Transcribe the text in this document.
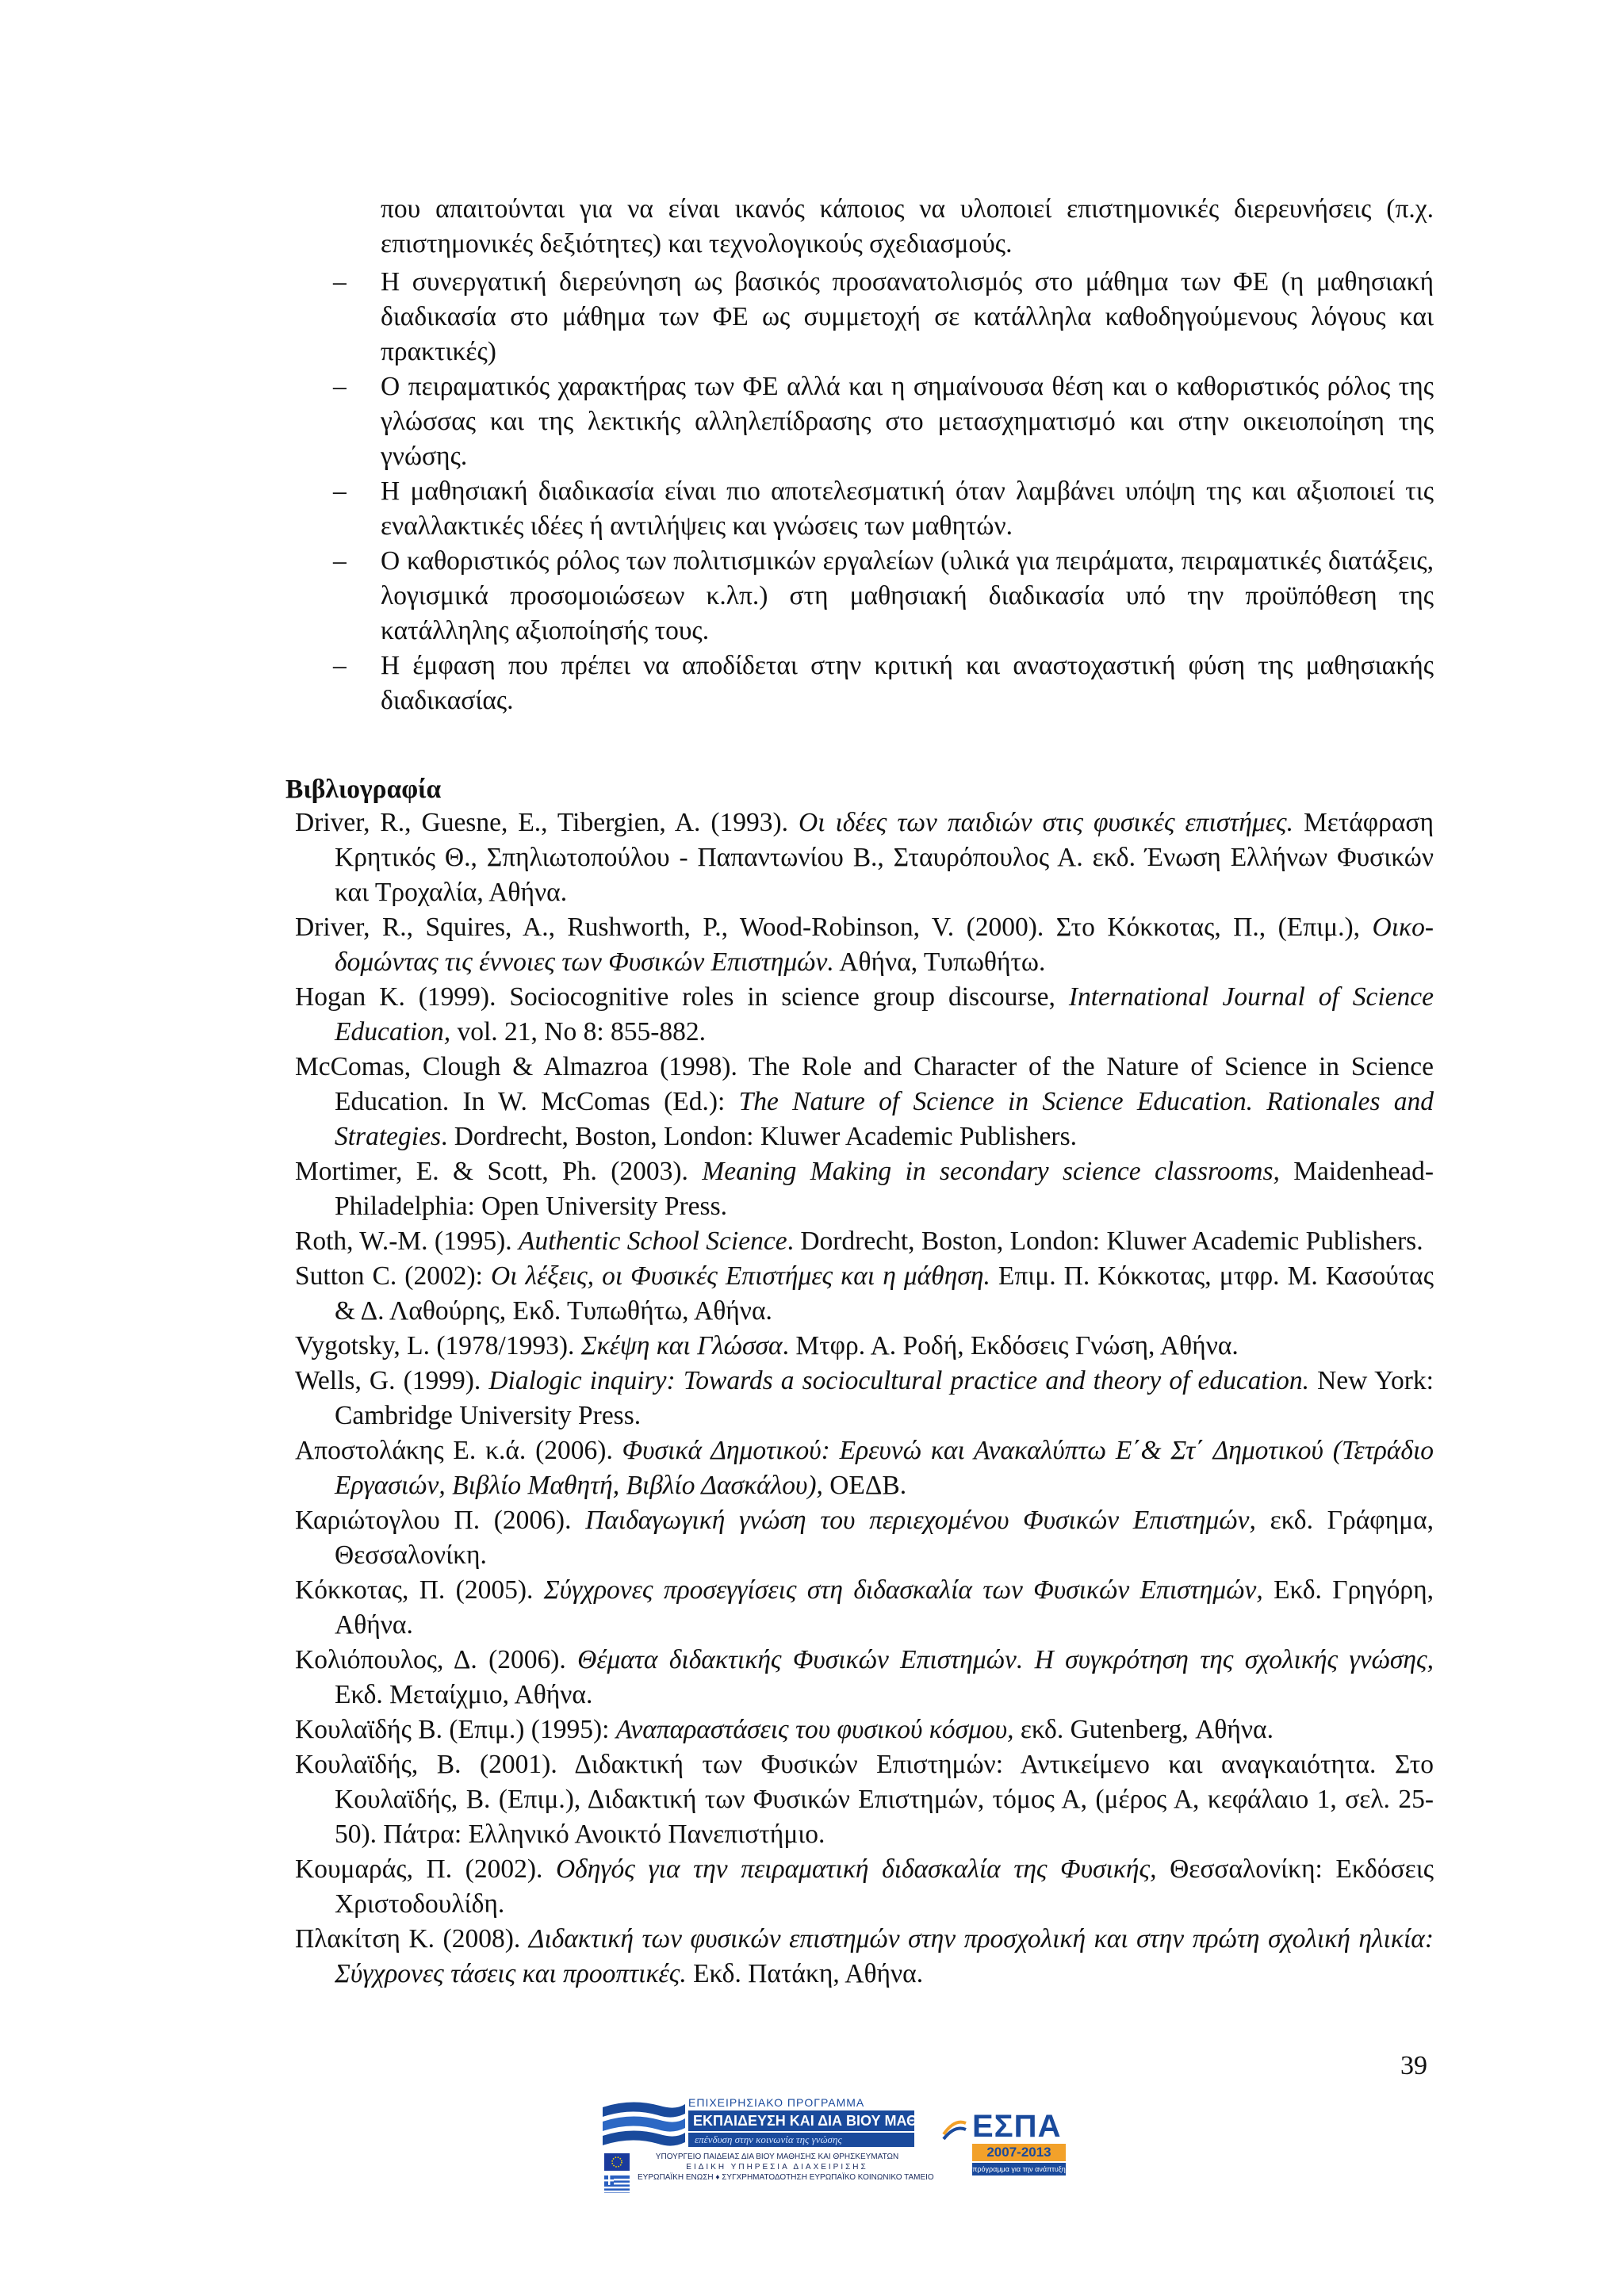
που απαιτούνται για να είναι ικανός κάποιος να υλοποιεί επιστημονικές διερευνήσεις (π.χ. επιστημονικές δεξιότητες) και τεχνολογικούς σχεδιασμούς.

– Η συνεργατική διερεύνηση ως βασικός προσανατολισμός στο μάθημα των ΦΕ (η μαθησιακή διαδικασία στο μάθημα των ΦΕ ως συμμετοχή σε κατάλληλα καθοδηγούμενους λόγους και πρακτικές)
– Ο πειραματικός χαρακτήρας των ΦΕ αλλά και η σημαίνουσα θέση και ο καθοριστικός ρόλος της γλώσσας και της λεκτικής αλληλεπίδρασης στο μετασχηματισμό και στην οικειοποίηση της γνώσης.
– Η μαθησιακή διαδικασία είναι πιο αποτελεσματική όταν λαμβάνει υπόψη της και αξιοποιεί τις εναλλακτικές ιδέες ή αντιλήψεις και γνώσεις των μαθητών.
– Ο καθοριστικός ρόλος των πολιτισμικών εργαλείων (υλικά για πειράματα, πειραματικές διατάξεις, λογισμικά προσομοιώσεων κ.λπ.) στη μαθησιακή διαδικασία υπό την προϋπόθεση της κατάλληλης αξιοποίησής τους.
– Η έμφαση που πρέπει να αποδίδεται στην κριτική και αναστοχαστική φύση της μαθησιακής διαδικασίας.
Βιβλιογραφία
Driver, R., Guesne, E., Tibergien, A. (1993). Οι ιδέες των παιδιών στις φυσικές επιστήμες. Μετάφραση Κρητικός Θ., Σπηλιωτοπούλου - Παπαντωνίου Β., Σταυρόπουλος Α. εκδ. Ένωση Ελλήνων Φυσικών και Τροχαλία, Αθήνα.
Driver, R., Squires, A., Rushworth, P., Wood-Robinson, V. (2000). Στο Κόκκοτας, Π., (Επιμ.), Οικο-δομώντας τις έννοιες των Φυσικών Επιστημών. Αθήνα, Τυπωθήτω.
Hogan K. (1999). Sociocognitive roles in science group discourse, International Journal of Science Education, vol. 21, No 8: 855-882.
McComas, Clough & Almazroa (1998). The Role and Character of the Nature of Science in Science Education. In W. McComas (Ed.): The Nature of Science in Science Education. Rationales and Strategies. Dordrecht, Boston, London: Kluwer Academic Publishers.
Mortimer, E. & Scott, Ph. (2003). Meaning Making in secondary science classrooms, Maidenhead-Philadelphia: Open University Press.
Roth, W.-M. (1995). Authentic School Science. Dordrecht, Boston, London: Kluwer Academic Publishers.
Sutton C. (2002): Οι λέξεις, οι Φυσικές Επιστήμες και η μάθηση. Επιμ. Π. Κόκκοτας, μτφρ. Μ. Κασούτας & Δ. Λαθούρης, Εκδ. Τυπωθήτω, Αθήνα.
Vygotsky, L. (1978/1993). Σκέψη και Γλώσσα. Μτφρ. Α. Ροδή, Εκδόσεις Γνώση, Αθήνα.
Wells, G. (1999). Dialogic inquiry: Towards a sociocultural practice and theory of education. New York: Cambridge University Press.
Αποστολάκης Ε. κ.ά. (2006). Φυσικά Δημοτικού: Ερευνώ και Ανακαλύπτω Ε΄& Στ΄ Δημοτικού (Τετράδιο Εργασιών, Βιβλίο Μαθητή, Βιβλίο Δασκάλου), ΟΕΔΒ.
Καριώτογλου Π. (2006). Παιδαγωγική γνώση του περιεχομένου Φυσικών Επιστημών, εκδ. Γράφημα, Θεσσαλονίκη.
Κόκκοτας, Π. (2005). Σύγχρονες προσεγγίσεις στη διδασκαλία των Φυσικών Επιστημών, Εκδ. Γρηγόρη, Αθήνα.
Κολιόπουλος, Δ. (2006). Θέματα διδακτικής Φυσικών Επιστημών. Η συγκρότηση της σχολικής γνώσης, Εκδ. Μεταίχμιο, Αθήνα.
Κουλαϊδής Β. (Επιμ.) (1995): Αναπαραστάσεις του φυσικού κόσμου, εκδ. Gutenberg, Αθήνα.
Κουλαϊδής, Β. (2001). Διδακτική των Φυσικών Επιστημών: Αντικείμενο και αναγκαιότητα. Στο Κουλαϊδής, Β. (Επιμ.), Διδακτική των Φυσικών Επιστημών, τόμος Α, (μέρος Α, κεφάλαιο 1, σελ. 25-50). Πάτρα: Ελληνικό Ανοικτό Πανεπιστήμιο.
Κουμαράς, Π. (2002). Οδηγός για την πειραματική διδασκαλία της Φυσικής, Θεσσαλονίκη: Εκδόσεις Χριστοδουλίδη.
Πλακίτση Κ. (2008). Διδακτική των φυσικών επιστημών στην προσχολική και στην πρώτη σχολική ηλικία: Σύγχρονες τάσεις και προοπτικές. Εκδ. Πατάκη, Αθήνα.
39
ΕΠΙΧΕΙΡΗΣΙΑΚΟ ΠΡΟΓΡΑΜΜΑ
ΕΚΠΑΙΔΕΥΣΗ ΚΑΙ ΔΙΑ ΒΙΟΥ ΜΑΘΗΣΗ
επένδυση στην κοινωνία της γνώσης
ΥΠΟΥΡΓΕΙΟ ΠΑΙΔΕΙΑΣ ΔΙΑ ΒΙΟΥ ΜΑΘΗΣΗΣ ΚΑΙ ΘΡΗΣΚΕΥΜΑΤΩΝ
ΕΙΔΙΚΗ ΥΠΗΡΕΣΙΑ ΔΙΑΧΕΙΡΙΣΗΣ
ΕΥΡΩΠΑΪΚΗ ΕΝΩΣΗ ♦ ΣΥΓΧΡΗΜΑΤΟΔΟΤΗΣΗ ΕΥΡΩΠΑΪΚΟ ΚΟΙΝΩΝΙΚΟ ΤΑΜΕΙΟ
ΕΣΠΑ
2007-2013
πρόγραμμα για την ανάπτυξη
